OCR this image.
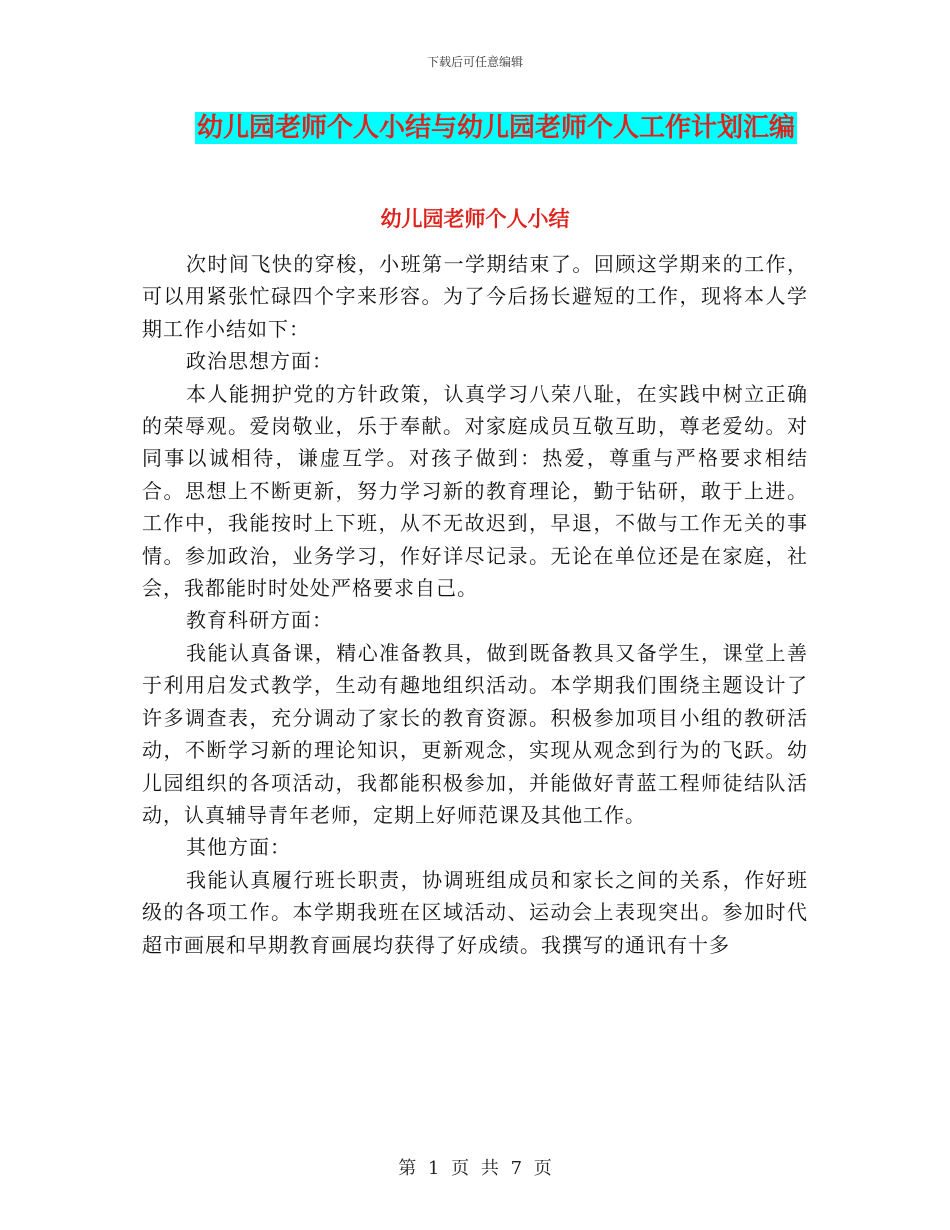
下载后可任意编辑
幼儿园老师个人小结与幼儿园老师个人工作计划汇编
幼儿园老师个人小结

次时间飞快的穿梭，小班第一学期结束了。回顾这学期来的工作，可以用紧张忙碌四个字来形容。为了今后扬长避短的工作，现将本人学期工作小结如下：

政治思想方面：

本人能拥护党的方针政策，认真学习八荣八耻，在实践中树立正确的荣辱观。爱岗敬业，乐于奉献。对家庭成员互敬互助，尊老爱幼。对同事以诚相待，谦虚互学。对孩子做到：热爱，尊重与严格要求相结合。思想上不断更新，努力学习新的教育理论，勤于钻研，敢于上进。工作中，我能按时上下班，从不无故迟到，早退，不做与工作无关的事情。参加政治，业务学习，作好详尽记录。无论在单位还是在家庭，社会，我都能时时处处严格要求自己。

教育科研方面：

我能认真备课，精心准备教具，做到既备教具又备学生，课堂上善于利用启发式教学，生动有趣地组织活动。本学期我们围绕主题设计了许多调查表，充分调动了家长的教育资源。积极参加项目小组的教研活动，不断学习新的理论知识，更新观念，实现从观念到行为的飞跃。幼儿园组织的各项活动，我都能积极参加，并能做好青蓝工程师徒结队活动，认真辅导青年老师，定期上好师范课及其他工作。

其他方面：

我能认真履行班长职责，协调班组成员和家长之间的关系，作好班级的各项工作。本学期我班在区域活动、运动会上表现突出。参加时代超市画展和早期教育画展均获得了好成绩。我撰写的通讯有十多

第 1 页 共 7 页
